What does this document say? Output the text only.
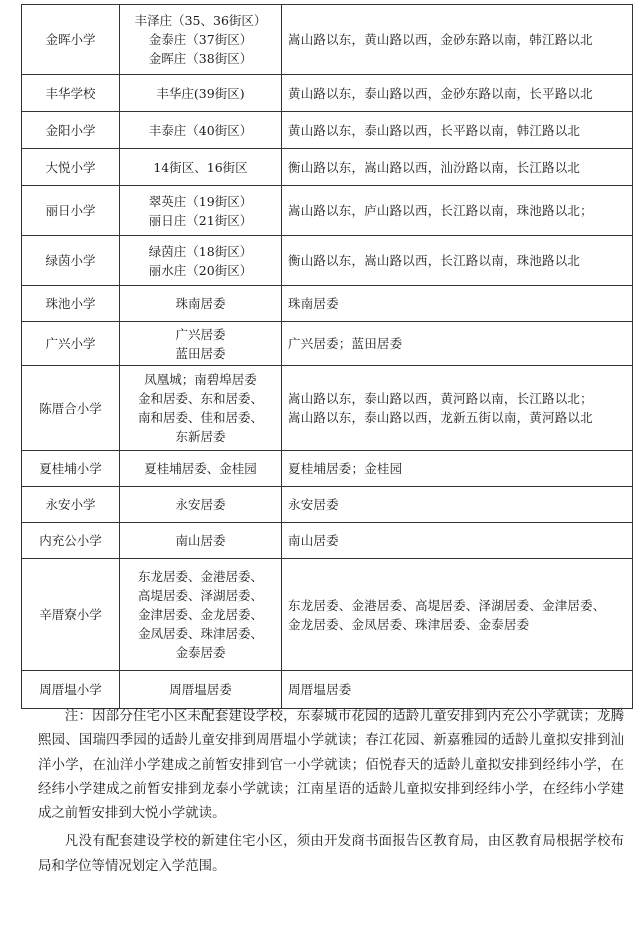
金晖小学	丰泽庄（35、36街区）
金泰庄（37街区）
金晖庄（38街区）	嵩山路以东，黄山路以西，金砂东路以南，韩江路以北

丰华学校	丰华庄(39街区)	黄山路以东，泰山路以西，金砂东路以南，长平路以北

金阳小学	丰泰庄（40街区）	黄山路以东，泰山路以西，长平路以南，韩江路以北

大悦小学	14街区、16街区	衡山路以东，嵩山路以西，汕汾路以南，长江路以北

丽日小学	翠英庄（19街区）
丽日庄（21街区）	嵩山路以东，庐山路以西，长江路以南，珠池路以北；

绿茵小学	绿茵庄（18街区）
丽水庄（20街区）	衡山路以东，嵩山路以西，长江路以南，珠池路以北

珠池小学	珠南居委	珠南居委

广兴小学	广兴居委
蓝田居委	广兴居委；蓝田居委

陈厝合小学	凤凰城；南碧埠居委
金和居委、东和居委、
南和居委、佳和居委、
东新居委	嵩山路以东，泰山路以西，黄河路以南，长江路以北；
嵩山路以东，泰山路以西，龙新五街以南，黄河路以北

夏桂埔小学	夏桂埔居委、金桂园	夏桂埔居委；金桂园

永安小学	永安居委	永安居委

内充公小学	南山居委	南山居委

辛厝寮小学	东龙居委、金港居委、
高堤居委、泽湖居委、
金津居委、金龙居委、
金凤居委、珠津居委、
金泰居委	东龙居委、金港居委、高堤居委、泽湖居委、金津居委、
金龙居委、金凤居委、珠津居委、金泰居委

周厝塭小学	周厝塭居委	周厝塭居委

注：因部分住宅小区未配套建设学校，东泰城市花园的适龄儿童安排到内充公小学就读；龙腾熙园、国瑞四季园的适龄儿童安排到周厝塭小学就读；春江花园、新嘉雅园的适龄儿童拟安排到汕洋小学，在汕洋小学建成之前暂安排到官一小学就读；佰悦春天的适龄儿童拟安排到经纬小学，在经纬小学建成之前暂安排到龙泰小学就读；江南星语的适龄儿童拟安排到经纬小学，在经纬小学建成之前暂安排到大悦小学就读。

凡没有配套建设学校的新建住宅小区，须由开发商书面报告区教育局，由区教育局根据学校布局和学位等情况划定入学范围。
